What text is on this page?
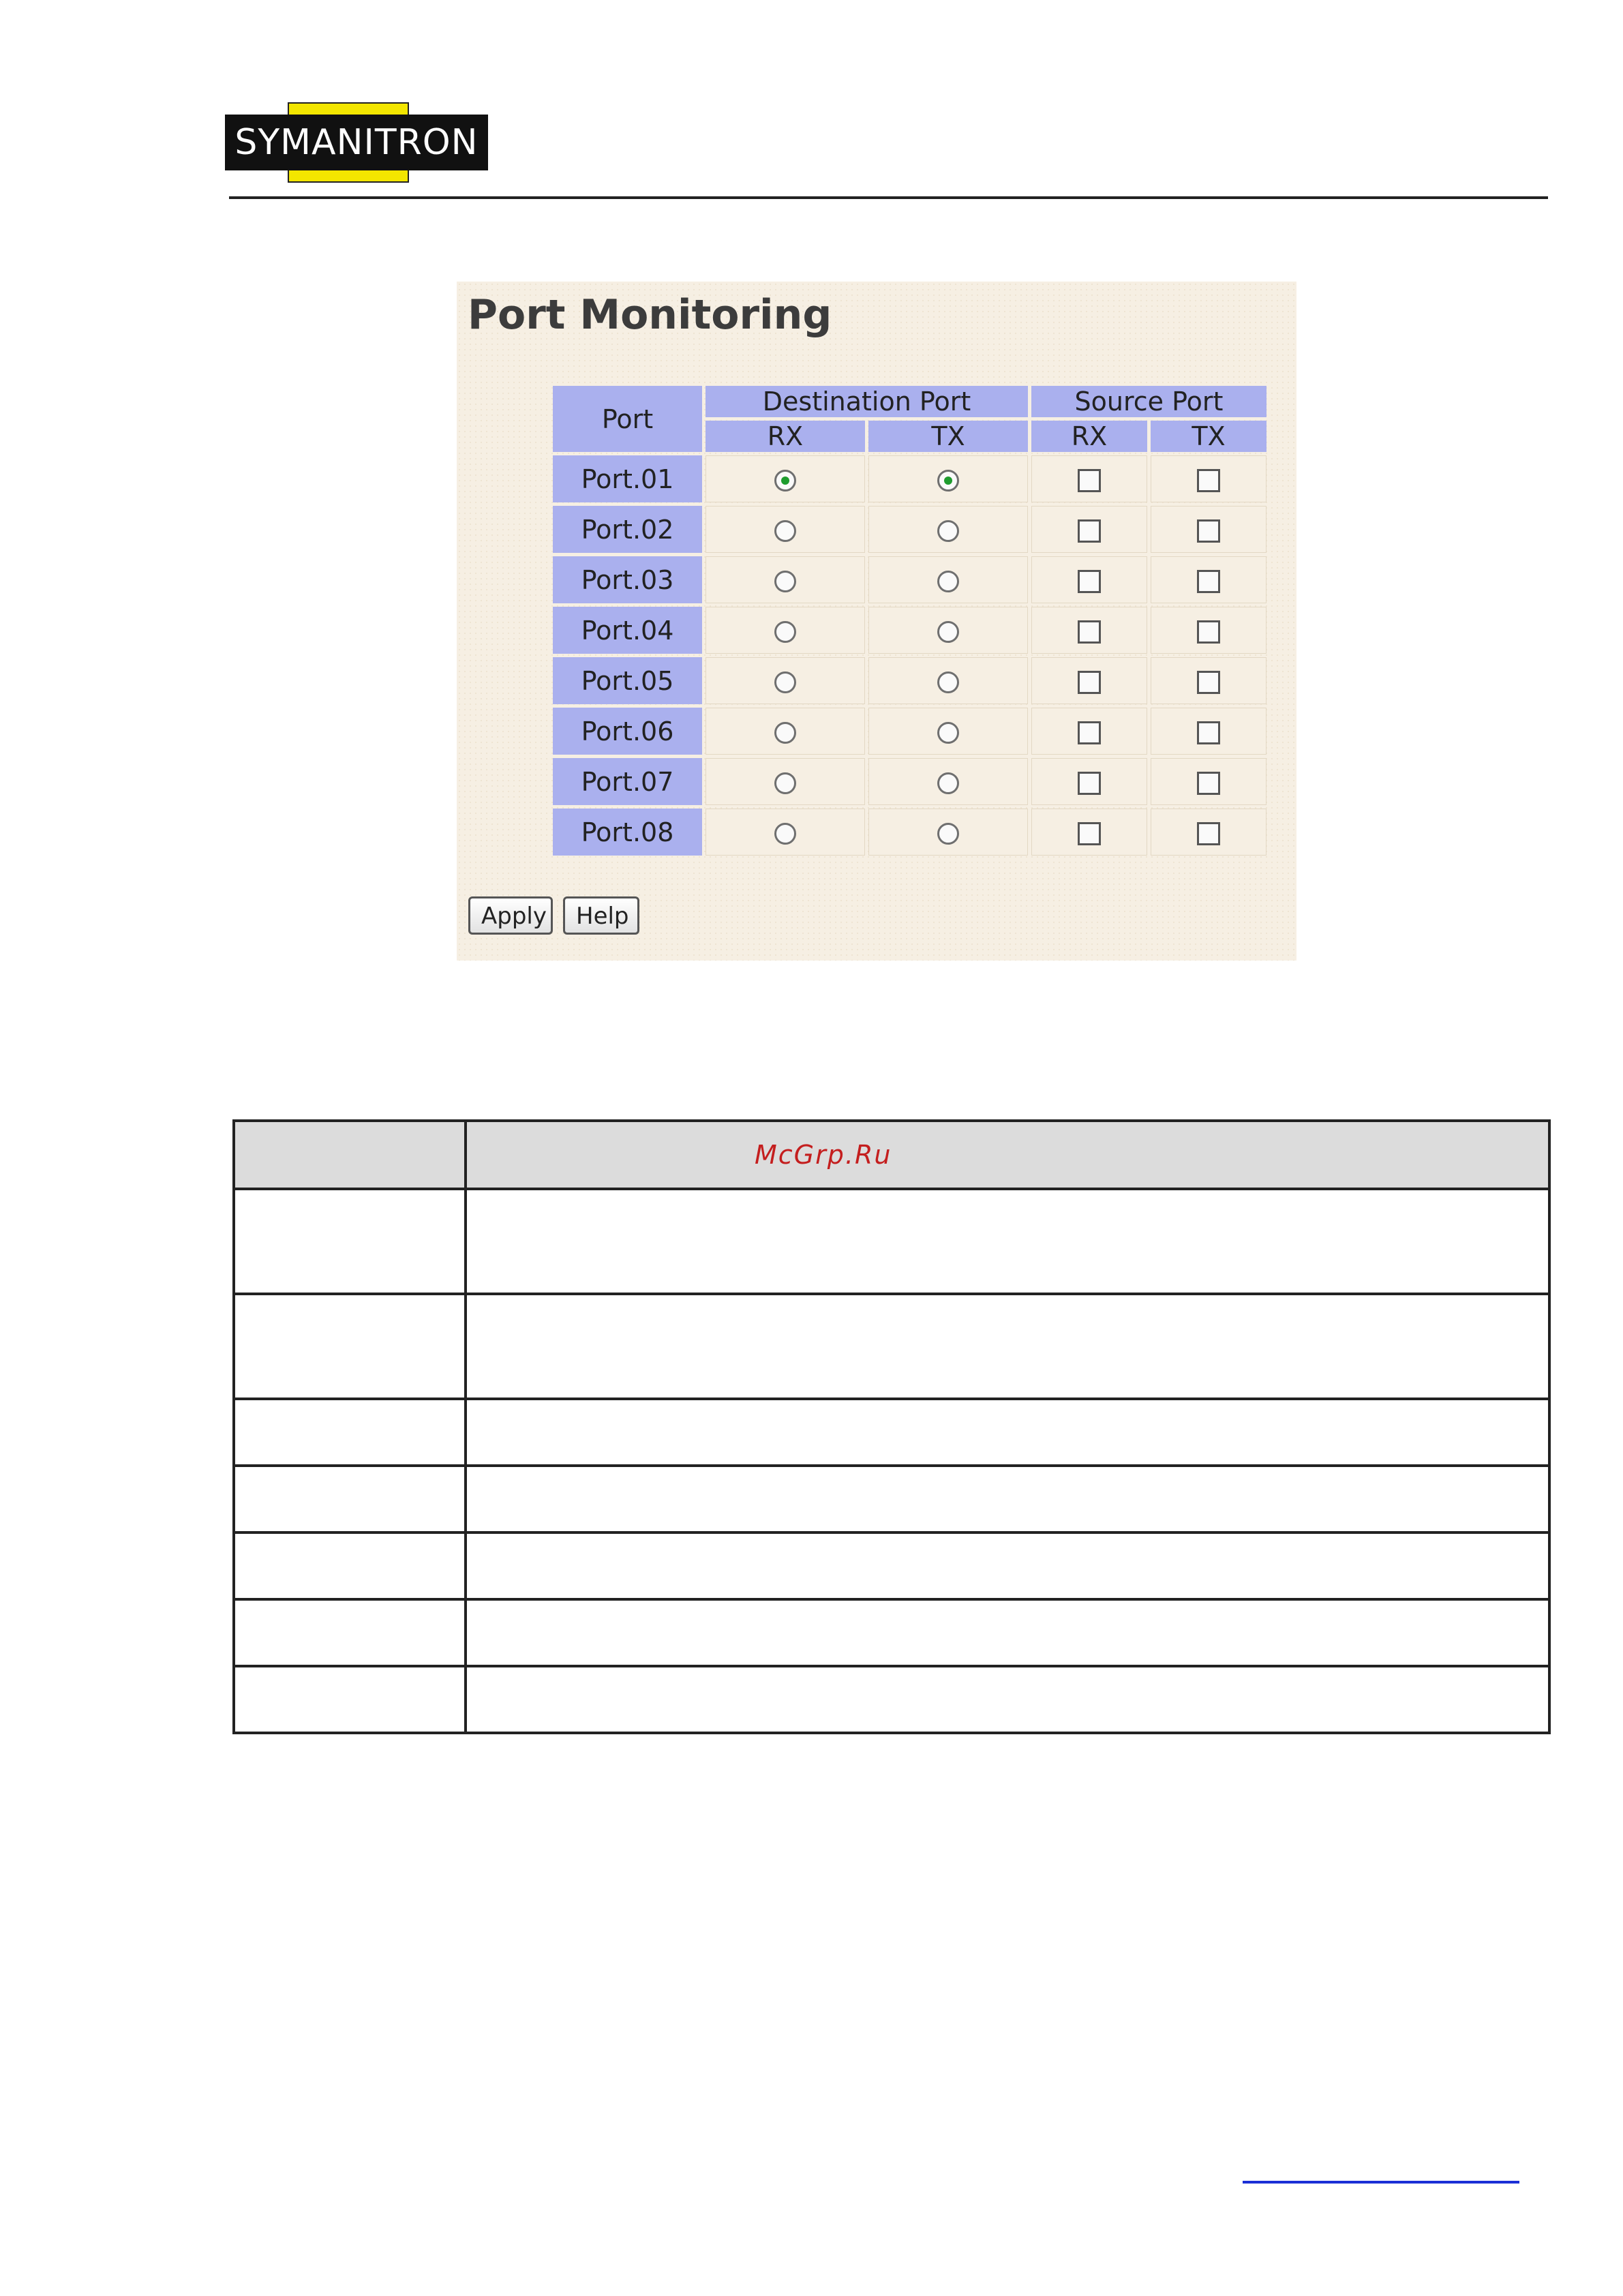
SYMANITRON
Port Monitoring
Port	Destination Port		Source Port	
	RX	TX	RX	TX
Port.01				
Port.02				
Port.03				
Port.04				
Port.05				
Port.06				
Port.07				
Port.08				
Apply	Help
	McGrp.Ru
